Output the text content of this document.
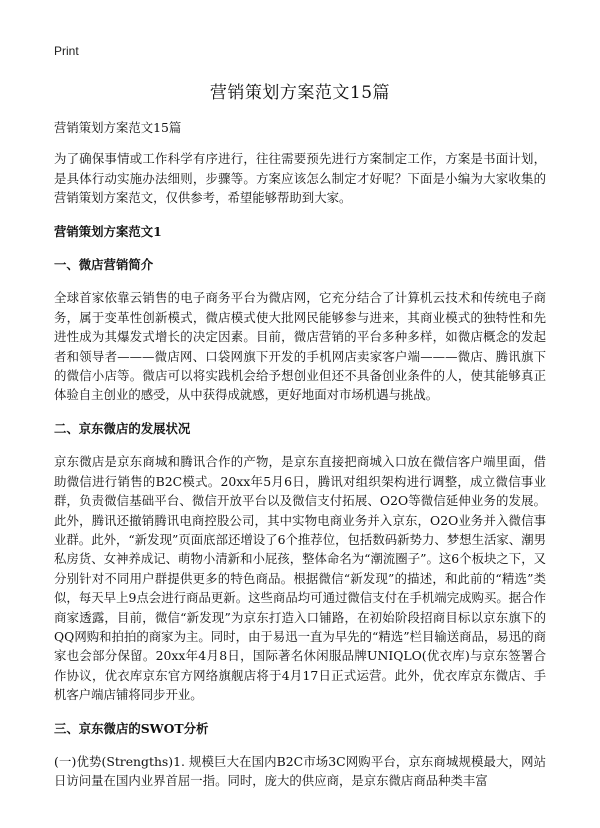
Print
营销策划方案范文15篇
营销策划方案范文15篇

为了确保事情或工作科学有序进行，往往需要预先进行方案制定工作，方案是书面计划，是具体行动实施办法细则，步骤等。方案应该怎么制定才好呢？下面是小编为大家收集的营销策划方案范文，仅供参考，希望能够帮助到大家。

营销策划方案范文1
一、微店营销简介

全球首家依靠云销售的电子商务平台为微店网，它充分结合了计算机云技术和传统电子商务，属于变革性创新模式，微店模式使大批网民能够参与进来，其商业模式的独特性和先进性成为其爆发式增长的决定因素。目前，微店营销的平台多种多样，如微店概念的发起者和领导者———微店网、口袋网旗下开发的手机网店卖家客户端———微店、腾讯旗下的微信小店等。微店可以将实践机会给予想创业但还不具备创业条件的人，使其能够真正体验自主创业的感受，从中获得成就感，更好地面对市场机遇与挑战。

二、京东微店的发展状况

京东微店是京东商城和腾讯合作的产物，是京东直接把商城入口放在微信客户端里面，借助微信进行销售的B2C模式。20xx年5月6日，腾讯对组织架构进行调整，成立微信事业群，负责微信基础平台、微信开放平台以及微信支付拓展、O2O等微信延伸业务的发展。此外，腾讯还撤销腾讯电商控股公司，其中实物电商业务并入京东，O2O业务并入微信事业群。此外，“新发现”页面底部还增设了6个推荐位，包括数码新势力、梦想生活家、潮男私房货、女神养成记、萌物小清新和小屁孩，整体命名为“潮流圈子”。这6个板块之下，又分别针对不同用户群提供更多的特色商品。根据微信“新发现”的描述，和此前的“精选”类似，每天早上9点会进行商品更新。这些商品均可通过微信支付在手机端完成购买。据合作商家透露，目前，微信“新发现”为京东打造入口铺路，在初始阶段招商目标以京东旗下的QQ网购和拍拍的商家为主。同时，由于易迅一直为早先的“精选”栏目输送商品，易迅的商家也会部分保留。20xx年4月8日，国际著名休闲服品牌UNIQLO(优衣库)与京东签署合作协议，优衣库京东官方网络旗舰店将于4月17日正式运营。此外，优衣库京东微店、手机客户端店铺将同步开业。

三、京东微店的SWOT分析

(一)优势(Strengths)1. 规模巨大在国内B2C市场3C网购平台，京东商城规模最大，网站日访问量在国内业界首屈一指。同时，庞大的供应商，是京东微店商品种类丰富
